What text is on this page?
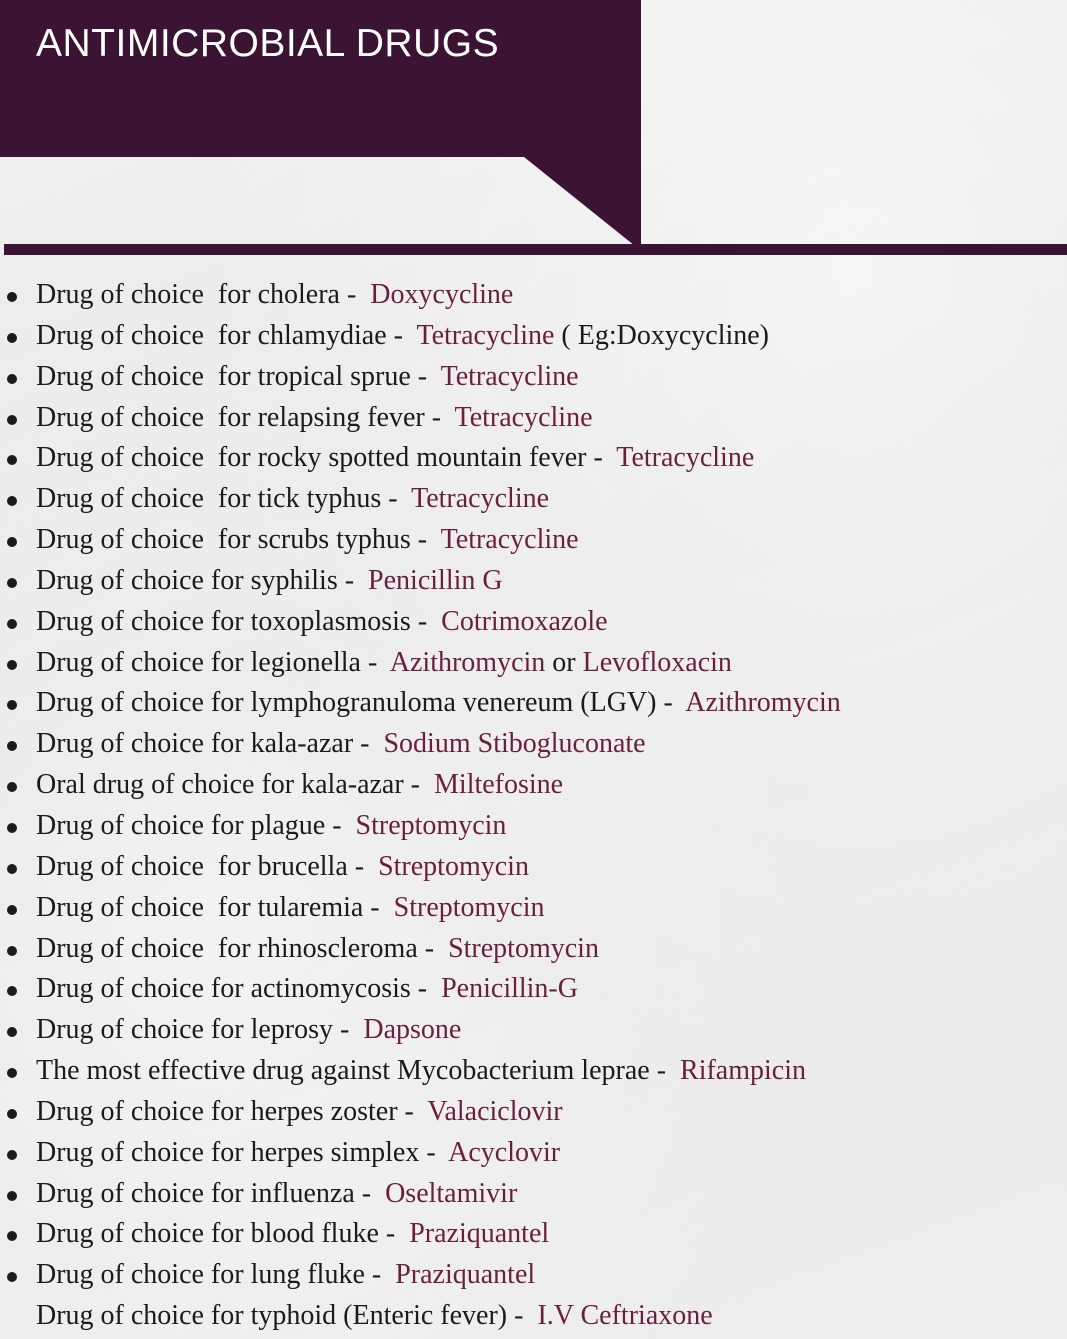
ANTIMICROBIAL DRUGS
Drug of choice  for cholera -  Doxycycline
Drug of choice  for chlamydiae -  Tetracycline ( Eg:Doxycycline)
Drug of choice  for tropical sprue -  Tetracycline
Drug of choice  for relapsing fever -  Tetracycline
Drug of choice  for rocky spotted mountain fever -  Tetracycline
Drug of choice  for tick typhus -  Tetracycline
Drug of choice  for scrubs typhus -  Tetracycline
Drug of choice for syphilis -  Penicillin G
Drug of choice for toxoplasmosis -  Cotrimoxazole
Drug of choice for legionella -  Azithromycin or Levofloxacin
Drug of choice for lymphogranuloma venereum (LGV) -  Azithromycin
Drug of choice for kala-azar -  Sodium Stibogluconate
Oral drug of choice for kala-azar -  Miltefosine
Drug of choice for plague -  Streptomycin
Drug of choice  for brucella -  Streptomycin
Drug of choice  for tularemia -  Streptomycin
Drug of choice  for rhinoscleroma -  Streptomycin
Drug of choice for actinomycosis -  Penicillin-G
Drug of choice for leprosy -  Dapsone
The most effective drug against Mycobacterium leprae -  Rifampicin
Drug of choice for herpes zoster -  Valaciclovir
Drug of choice for herpes simplex -  Acyclovir
Drug of choice for influenza -  Oseltamivir
Drug of choice for blood fluke -  Praziquantel
Drug of choice for lung fluke -  Praziquantel
Drug of choice for typhoid (Enteric fever) -  I.V Ceftriaxone
